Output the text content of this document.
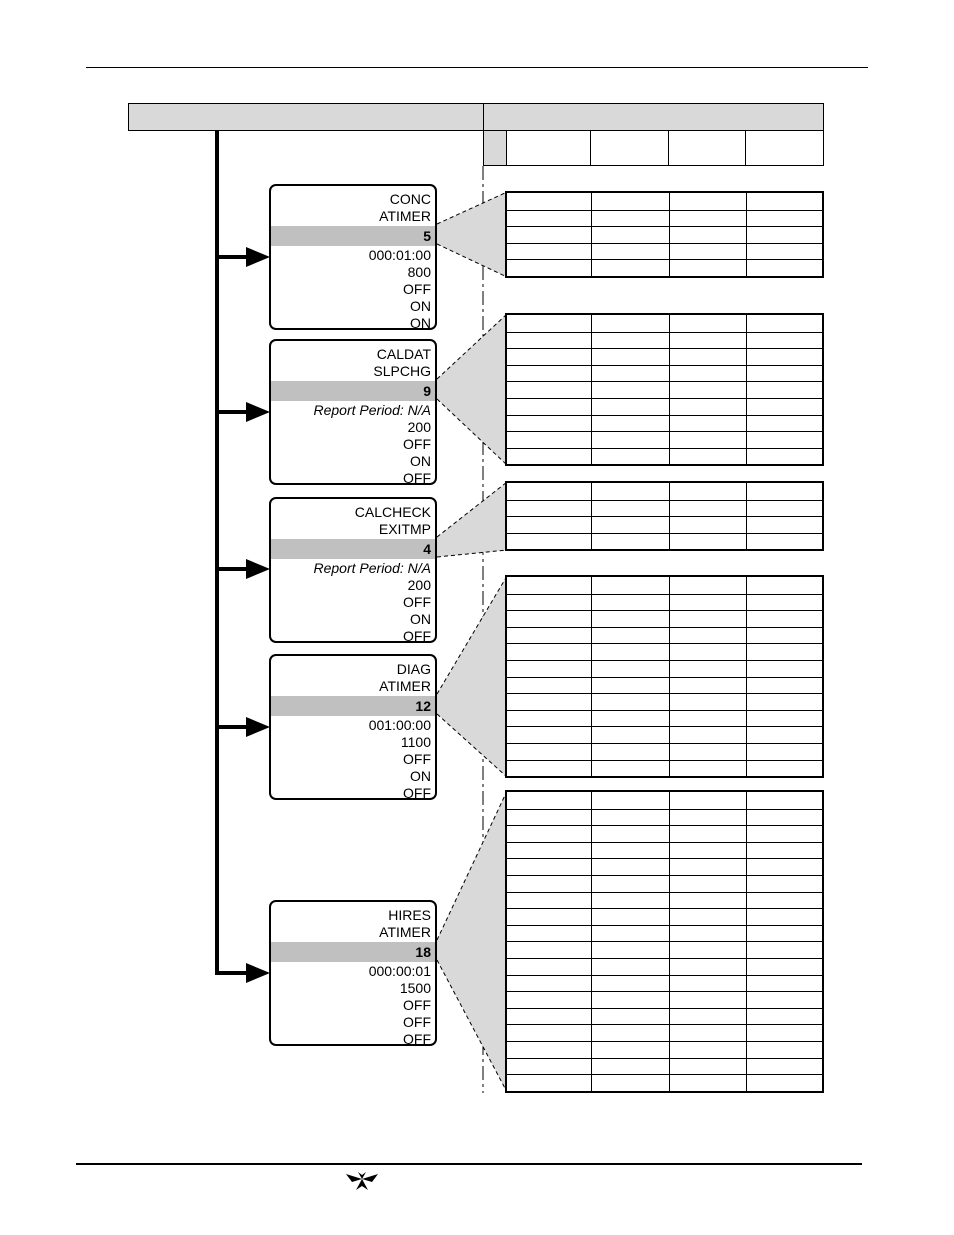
CONC
ATIMER
5
000:01:00
800
OFF
ON
ON
CALDAT
SLPCHG
9
Report Period: N/A
200
OFF
ON
OFF
CALCHECK
EXITMP
4
Report Period: N/A
200
OFF
ON
OFF
DIAG
ATIMER
12
001:00:00
1100
OFF
ON
OFF
HIRES
ATIMER
18
000:00:01
1500
OFF
OFF
OFF
